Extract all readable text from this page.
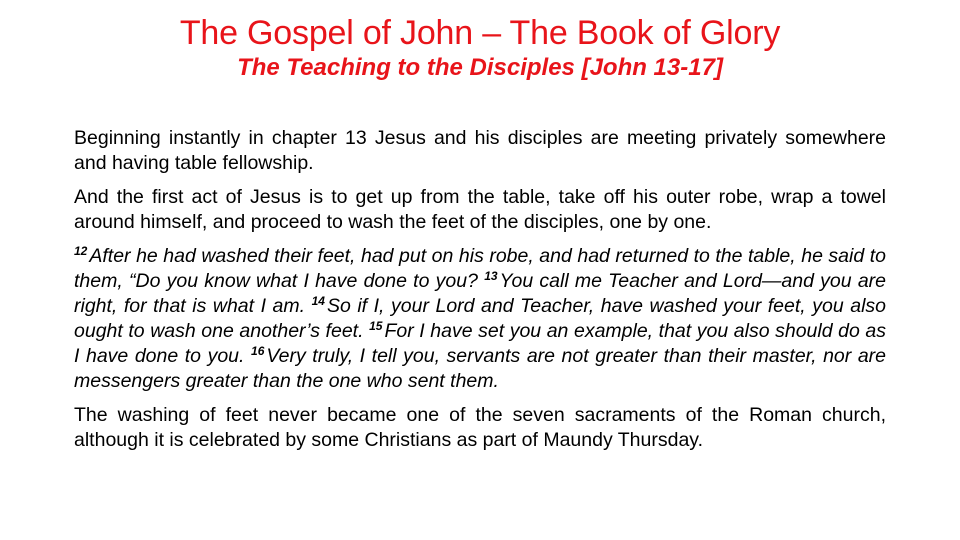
The Gospel of John – The Book of Glory
The Teaching to the Disciples [John 13-17]

Beginning instantly in chapter 13 Jesus and his disciples are meeting privately somewhere and having table fellowship.

And the first act of Jesus is to get up from the table, take off his outer robe, wrap a towel around himself, and proceed to wash the feet of the disciples, one by one.

$^{12}$ After he had washed their feet, had put on his robe, and had returned to the table, he said to them, “Do you know what I have done to you? $^{13}$ You call me Teacher and Lord—and you are right, for that is what I am. $^{14}$ So if I, your Lord and Teacher, have washed your feet, you also ought to wash one another’s feet. $^{15}$ For I have set you an example, that you also should do as I have done to you. $^{16}$ Very truly, I tell you, servants are not greater than their master, nor are messengers greater than the one who sent them.

The washing of feet never became one of the seven sacraments of the Roman church, although it is celebrated by some Christians as part of Maundy Thursday.
